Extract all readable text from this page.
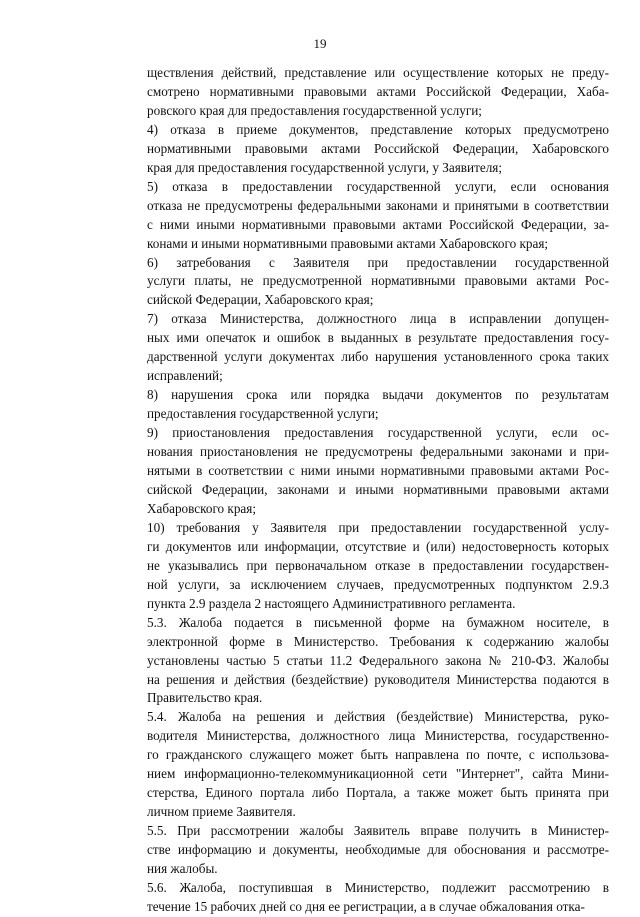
19
ществления действий, представление или осуществление которых не преду-
смотрено нормативными правовыми актами Российской Федерации, Хаба-
ровского края для предоставления государственной услуги;
4) отказа в приеме документов, представление которых предусмотрено
нормативными правовыми актами Российской Федерации, Хабаровского
края для предоставления государственной услуги, у Заявителя;
5) отказа в предоставлении государственной услуги, если основания
отказа не предусмотрены федеральными законами и принятыми в соответствии
с ними иными нормативными правовыми актами Российской Федерации, за-
конами и иными нормативными правовыми актами Хабаровского края;
6) затребования с Заявителя при предоставлении государственной
услуги платы, не предусмотренной нормативными правовыми актами Рос-
сийской Федерации, Хабаровского края;
7) отказа Министерства, должностного лица в исправлении допущен-
ных ими опечаток и ошибок в выданных в результате предоставления госу-
дарственной услуги документах либо нарушения установленного срока таких
исправлений;
8) нарушения срока или порядка выдачи документов по результатам
предоставления государственной услуги;
9) приостановления предоставления государственной услуги, если ос-
нования приостановления не предусмотрены федеральными законами и при-
нятыми в соответствии с ними иными нормативными правовыми актами Рос-
сийской Федерации, законами и иными нормативными правовыми актами
Хабаровского края;
10) требования у Заявителя при предоставлении государственной услу-
ги документов или информации, отсутствие и (или) недостоверность которых
не указывались при первоначальном отказе в предоставлении государствен-
ной услуги, за исключением случаев, предусмотренных подпунктом 2.9.3
пункта 2.9 раздела 2 настоящего Административного регламента.
5.3. Жалоба подается в письменной форме на бумажном носителе, в
электронной форме в Министерство. Требования к содержанию жалобы
установлены частью 5 статьи 11.2 Федерального закона № 210-ФЗ. Жалобы
на решения и действия (бездействие) руководителя Министерства подаются в
Правительство края.
5.4. Жалоба на решения и действия (бездействие) Министерства, руко-
водителя Министерства, должностного лица Министерства, государственно-
го гражданского служащего может быть направлена по почте, с использова-
нием информационно-телекоммуникационной сети "Интернет", сайта Мини-
стерства, Единого портала либо Портала, а также может быть принята при
личном приеме Заявителя.
5.5. При рассмотрении жалобы Заявитель вправе получить в Министер-
стве информацию и документы, необходимые для обоснования и рассмотре-
ния жалобы.
5.6. Жалоба, поступившая в Министерство, подлежит рассмотрению в
течение 15 рабочих дней со дня ее регистрации, а в случае обжалования отка-
